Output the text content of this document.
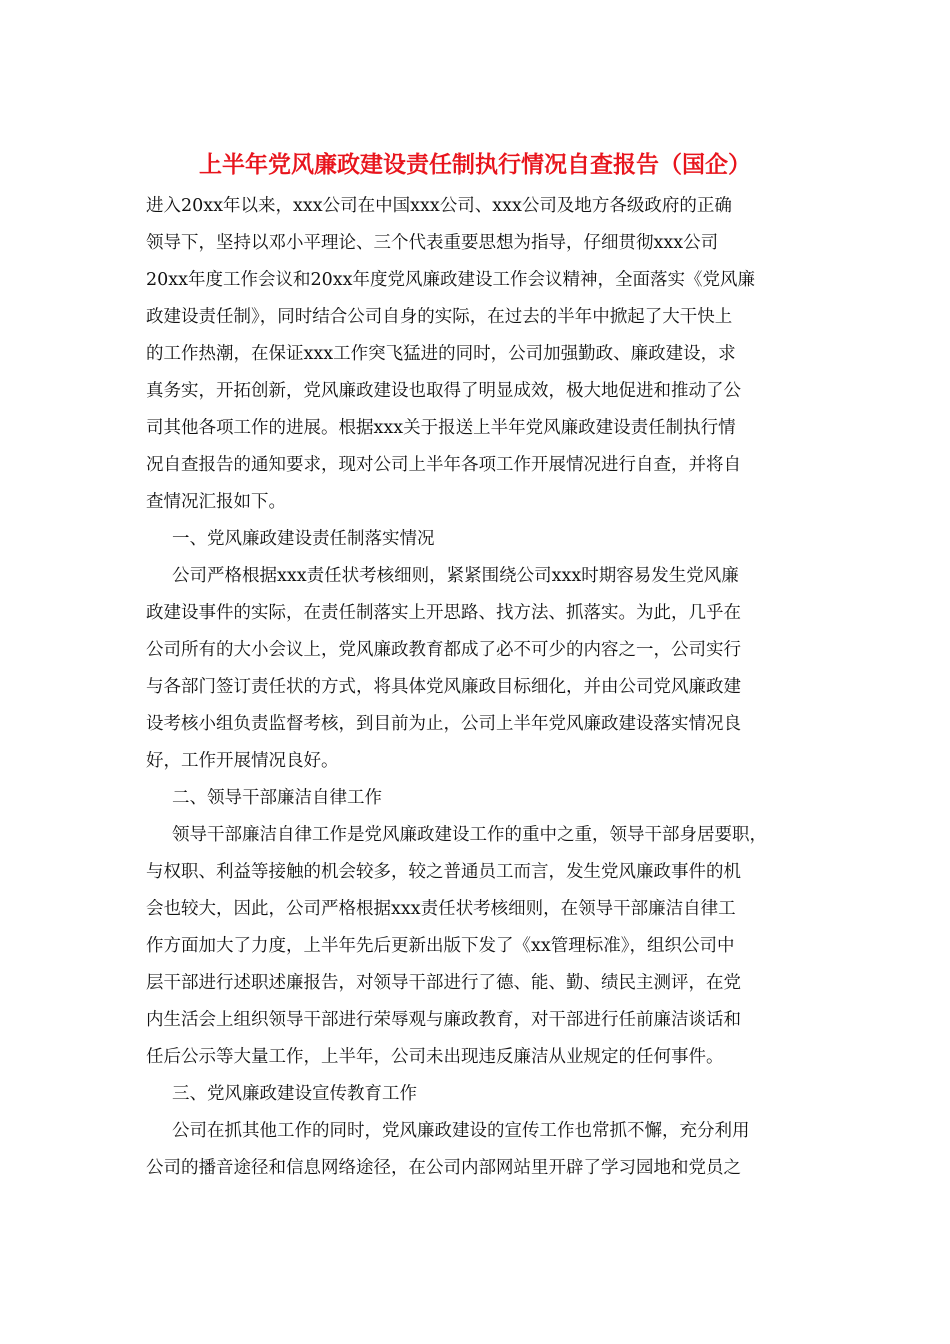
上半年党风廉政建设责任制执行情况自查报告（国企）

进入20xx年以来，xxx公司在中国xxx公司、xxx公司及地方各级政府的正确

领导下，坚持以邓小平理论、三个代表重要思想为指导，仔细贯彻xxx公司

20xx年度工作会议和20xx年度党风廉政建设工作会议精神，全面落实《党风廉

政建设责任制》，同时结合公司自身的实际，在过去的半年中掀起了大干快上

的工作热潮，在保证xxx工作突飞猛进的同时，公司加强勤政、廉政建设，求

真务实，开拓创新，党风廉政建设也取得了明显成效，极大地促进和推动了公

司其他各项工作的进展。根据xxx关于报送上半年党风廉政建设责任制执行情

况自查报告的通知要求，现对公司上半年各项工作开展情况进行自查，并将自

查情况汇报如下。

一、党风廉政建设责任制落实情况

公司严格根据xxx责任状考核细则，紧紧围绕公司xxx时期容易发生党风廉

政建设事件的实际，在责任制落实上开思路、找方法、抓落实。为此，几乎在

公司所有的大小会议上，党风廉政教育都成了必不可少的内容之一，公司实行

与各部门签订责任状的方式，将具体党风廉政目标细化，并由公司党风廉政建

设考核小组负责监督考核，到目前为止，公司上半年党风廉政建设落实情况良

好，工作开展情况良好。

二、领导干部廉洁自律工作

领导干部廉洁自律工作是党风廉政建设工作的重中之重，领导干部身居要职，

与权职、利益等接触的机会较多，较之普通员工而言，发生党风廉政事件的机

会也较大，因此，公司严格根据xxx责任状考核细则，在领导干部廉洁自律工

作方面加大了力度，上半年先后更新出版下发了《xx管理标准》，组织公司中

层干部进行述职述廉报告，对领导干部进行了德、能、勤、绩民主测评，在党

内生活会上组织领导干部进行荣辱观与廉政教育，对干部进行任前廉洁谈话和

任后公示等大量工作，上半年，公司未出现违反廉洁从业规定的任何事件。

三、党风廉政建设宣传教育工作

公司在抓其他工作的同时，党风廉政建设的宣传工作也常抓不懈，充分利用

公司的播音途径和信息网络途径，在公司内部网站里开辟了学习园地和党员之
